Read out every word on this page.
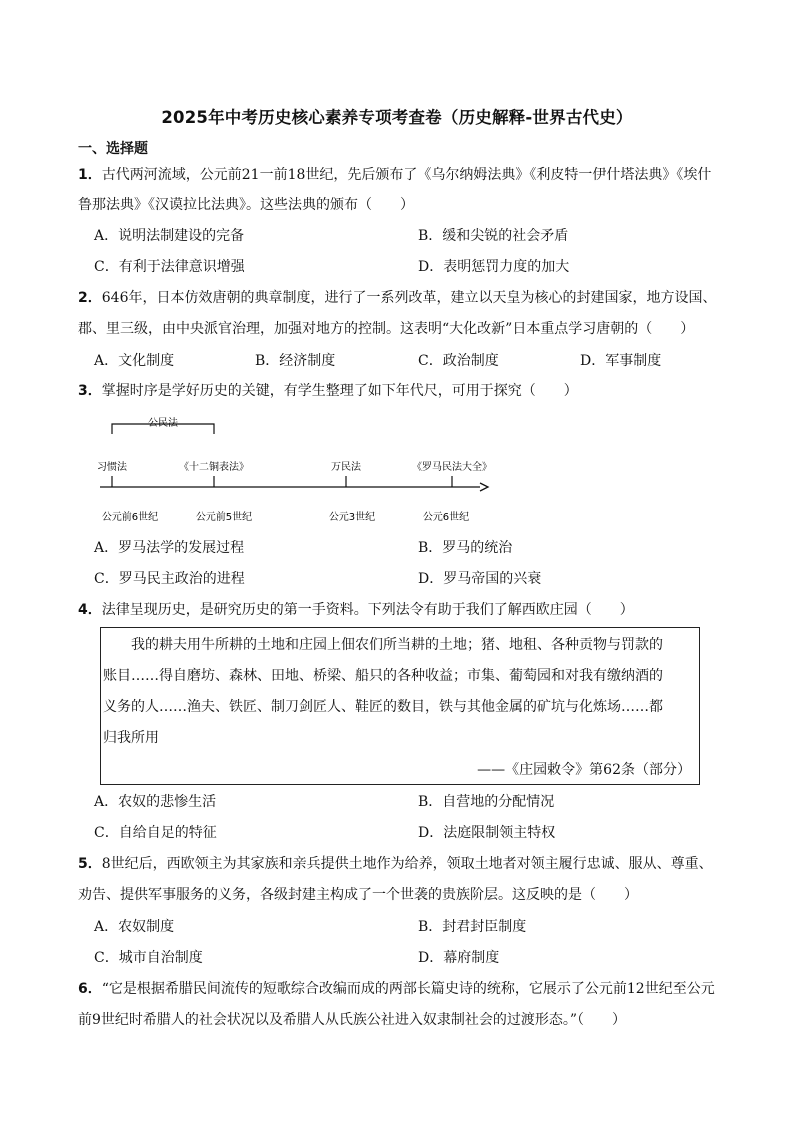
2025年中考历史核心素养专项考查卷（历史解释-世界古代史）
一、选择题
1．古代两河流域，公元前21一前18世纪，先后颁布了《乌尔纳姆法典》《利皮特一伊什塔法典》《埃什
鲁那法典》《汉谟拉比法典》。这些法典的颁布（　　）
A．说明法制建设的完备	B．缓和尖锐的社会矛盾
C．有利于法律意识增强	D．表明惩罚力度的加大
2．646年，日本仿效唐朝的典章制度，进行了一系列改革，建立以天皇为核心的封建国家，地方设国、
郡、里三级，由中央派官治理，加强对地方的控制。这表明“大化改新”日本重点学习唐朝的（　　）
A．文化制度	B．经济制度	C．政治制度	D．军事制度
3．掌握时序是学好历史的关键，有学生整理了如下年代尺，可用于探究（　　）
公民法
习惯法	《十二铜表法》	万民法	《罗马民法大全》
公元前6世纪	公元前5世纪	公元3世纪	公元6世纪
A．罗马法学的发展过程	B．罗马的统治
C．罗马民主政治的进程	D．罗马帝国的兴衰
4．法律呈现历史，是研究历史的第一手资料。下列法令有助于我们了解西欧庄园（　　）
我的耕夫用牛所耕的土地和庄园上佃农们所当耕的土地；猪、地租、各种贡物与罚款的
账目……得自磨坊、森林、田地、桥梁、船只的各种收益；市集、葡萄园和对我有缴纳酒的
义务的人……渔夫、铁匠、制刀剑匠人、鞋匠的数目，铁与其他金属的矿坑与化炼场……都
归我所用
——《庄园敕令》第62条（部分）
A．农奴的悲惨生活	B．自营地的分配情况
C．自给自足的特征	D．法庭限制领主特权
5．8世纪后，西欧领主为其家族和亲兵提供土地作为给养，领取土地者对领主履行忠诚、服从、尊重、
劝告、提供军事服务的义务，各级封建主构成了一个世袭的贵族阶层。这反映的是（　　）
A．农奴制度	B．封君封臣制度
C．城市自治制度	D．幕府制度
6．“它是根据希腊民间流传的短歌综合改编而成的两部长篇史诗的统称，它展示了公元前12世纪至公元
前9世纪时希腊人的社会状况以及希腊人从氏族公社进入奴隶制社会的过渡形态。”（　　）
